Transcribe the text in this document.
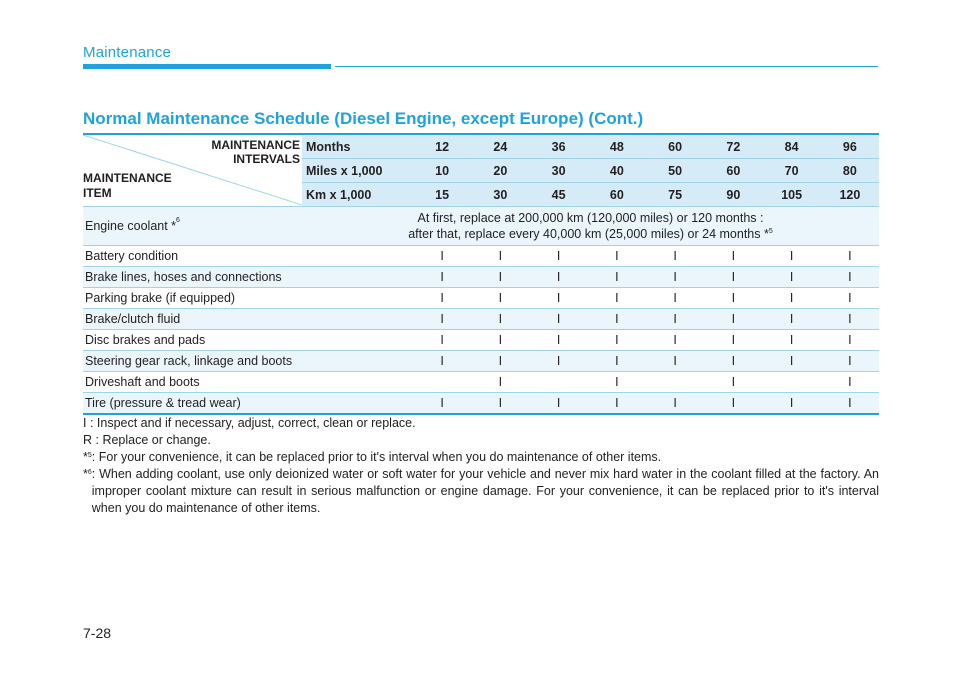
Maintenance
Normal Maintenance Schedule (Diesel Engine, except Europe) (Cont.)
MAINTENANCE
INTERVALS
MAINTENANCE
ITEM	Months	12	24	36	48	60	72	84	96
	Miles x 1,000	10	20	30	40	50	60	70	80
	Km x 1,000	15	30	45	60	75	90	105	120
Engine coolant *$^6$	At first, replace at 200,000 km (120,000 miles) or 120 months :
after that, replace every 40,000 km (25,000 miles) or 24 months *$^5$

Battery condition		I	I	I	I	I	I	I	I
Brake lines, hoses and connections		I	I	I	I	I	I	I	I
Parking brake (if equipped)		I	I	I	I	I	I	I	I
Brake/clutch fluid		I	I	I	I	I	I	I	I
Disc brakes and pads		I	I	I	I	I	I	I	I
Steering gear rack, linkage and boots		I	I	I	I	I	I	I	I
Driveshaft and boots			I		I		I		I
Tire (pressure & tread wear)		I	I	I	I	I	I	I	I
I : Inspect and if necessary, adjust, correct, clean or replace.
R : Replace or change.
*$^5$ : For your convenience, it can be replaced prior to it's interval when you do maintenance of other items.
*$^6$ : When adding coolant, use only deionized water or soft water for your vehicle and never mix hard water in the coolant filled at the factory. An improper coolant mixture can result in serious malfunction or engine damage. For your convenience, it can be replaced prior to it's interval when you do maintenance of other items.
7-28
